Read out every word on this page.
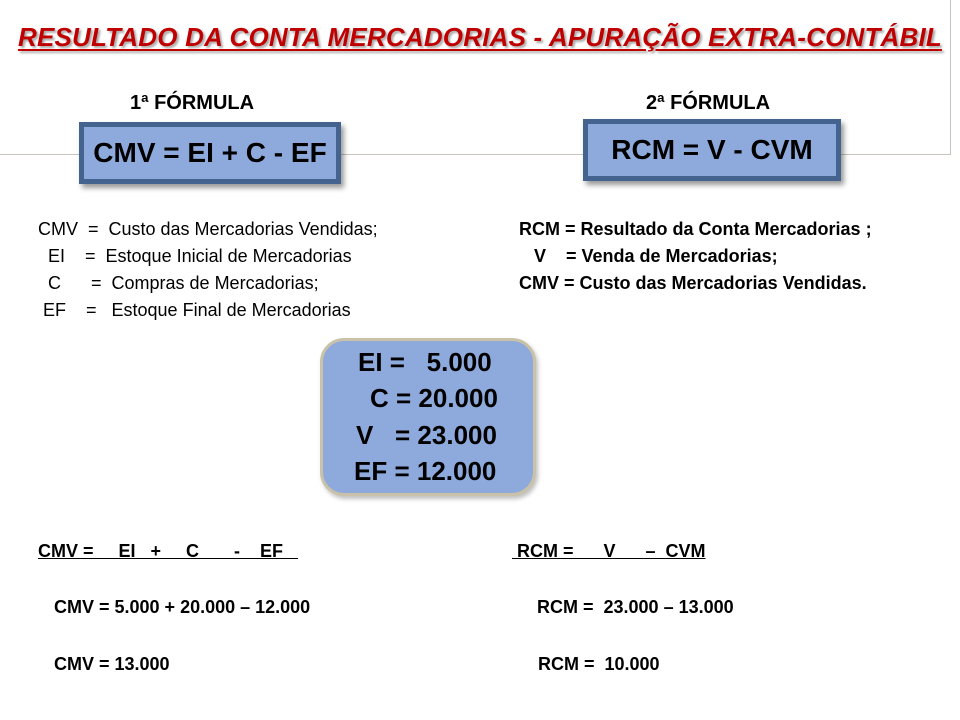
RESULTADO DA CONTA MERCADORIAS - APURAÇÃO EXTRA-CONTÁBIL
1ª FÓRMULA	2ª FÓRMULA
CMV = EI + C - EF	RCM = V - CVM
CMV  =  Custo das Mercadorias Vendidas;
EI    =  Estoque Inicial de Mercadorias
C      =  Compras de Mercadorias;
EF    =   Estoque Final de Mercadorias
RCM = Resultado da Conta Mercadorias ;
V    = Venda de Mercadorias;
CMV = Custo das Mercadorias Vendidas.
EI =   5.000
C = 20.000
V   = 23.000
EF = 12.000
CMV =     EI   +     C       -    EF
CMV = 5.000 + 20.000 – 12.000
CMV = 13.000
RCM =      V      –  CVM
RCM =  23.000 – 13.000
RCM =  10.000
